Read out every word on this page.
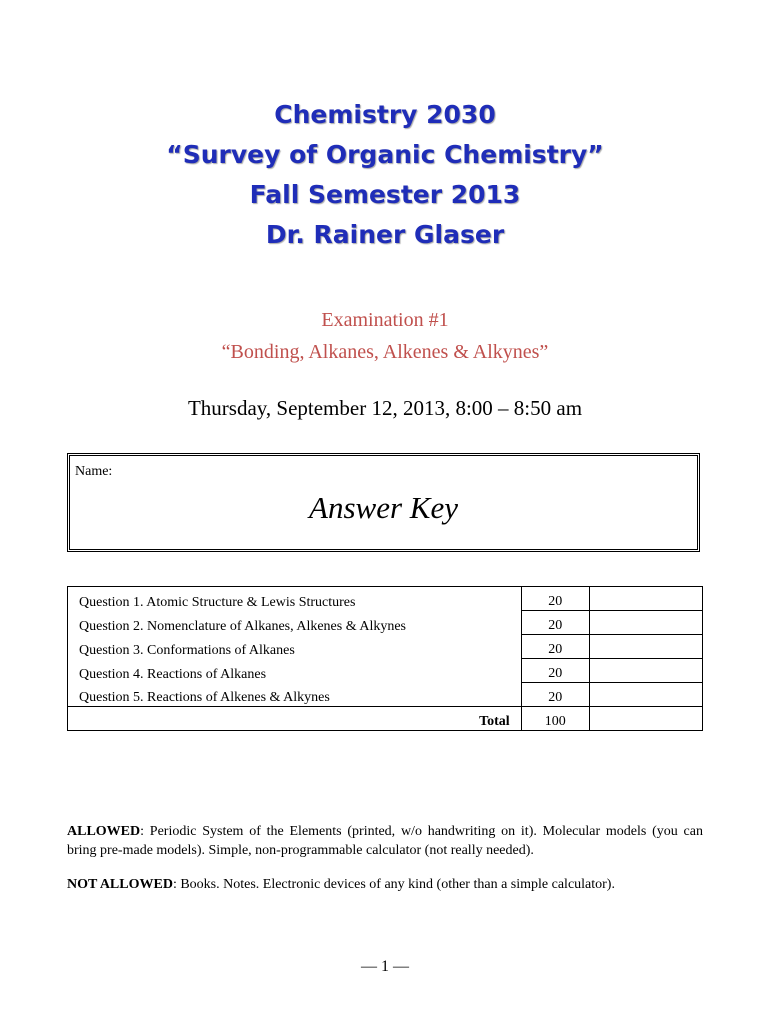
Chemistry 2030
“Survey of Organic Chemistry”
Fall Semester 2013
Dr. Rainer Glaser
Examination #1
“Bonding, Alkanes, Alkenes & Alkynes”
Thursday, September 12, 2013, 8:00 – 8:50 am
Name:
Answer Key
Question 1. Atomic Structure & Lewis Structures	20	
Question 2. Nomenclature of Alkanes, Alkenes & Alkynes	20	
Question 3. Conformations of Alkanes	20	
Question 4. Reactions of Alkanes	20	
Question 5. Reactions of Alkenes & Alkynes	20	
Total	100	

ALLOWED: Periodic System of the Elements (printed, w/o handwriting on it). Molecular models (you can bring pre-made models). Simple, non-programmable calculator (not really needed).

NOT ALLOWED: Books. Notes. Electronic devices of any kind (other than a simple calculator).

— 1 —
